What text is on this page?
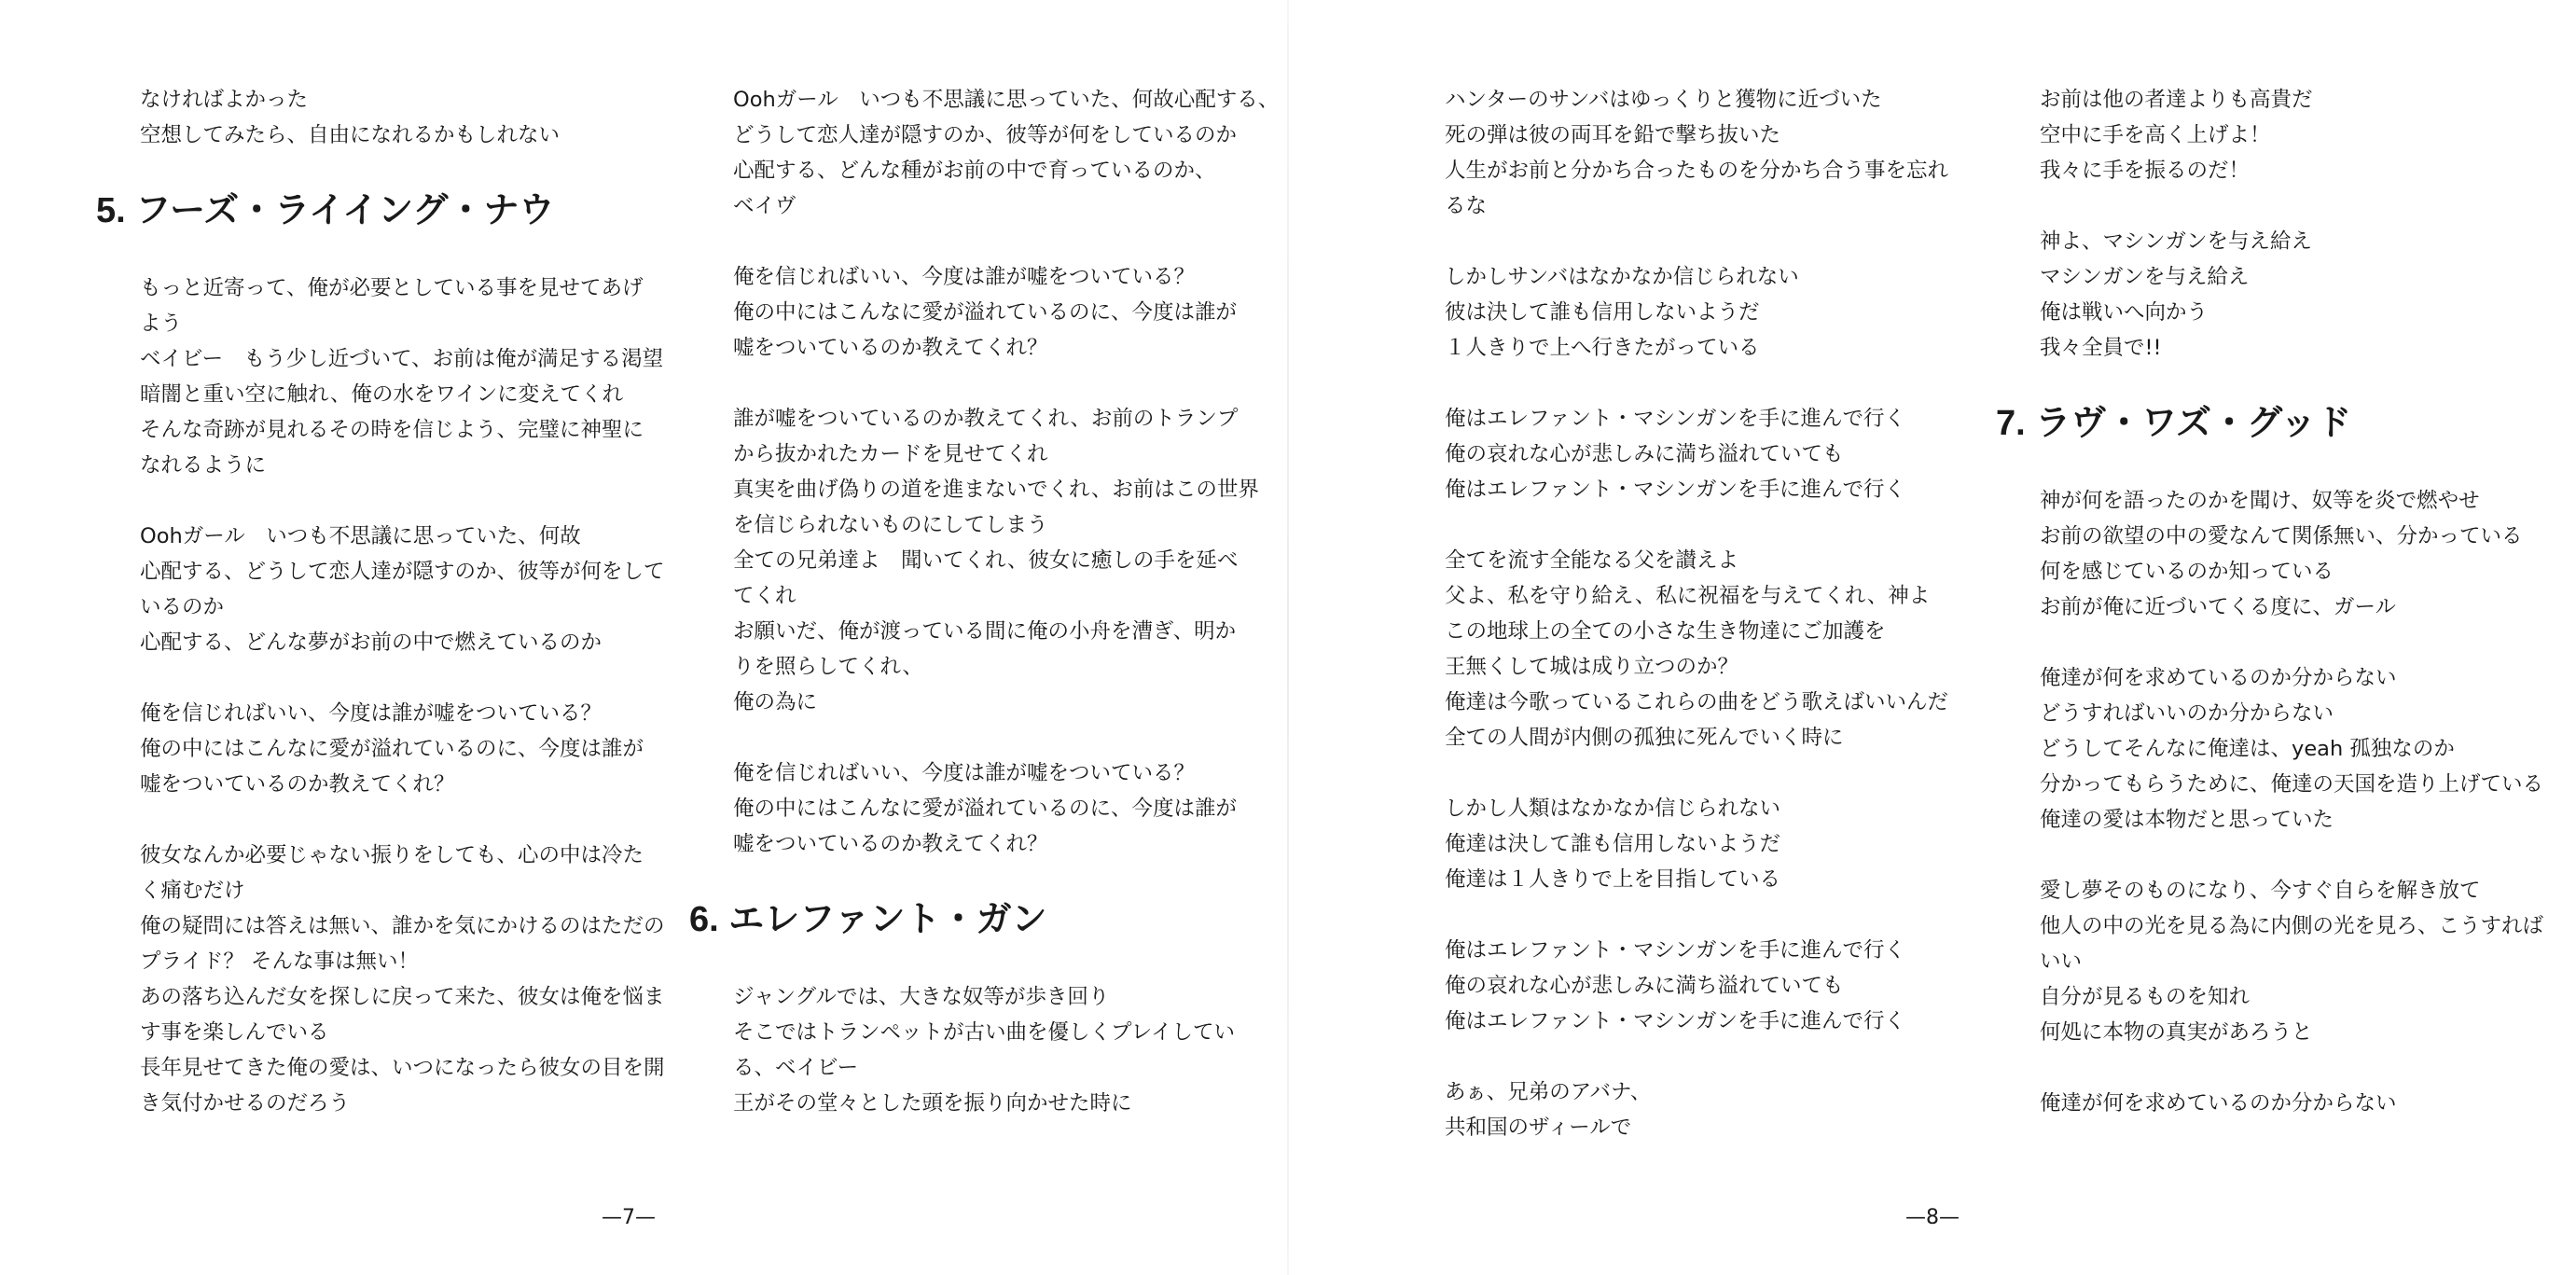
なければよかった
空想してみたら、自由になれるかもしれない
5. フーズ・ライイング・ナウ
もっと近寄って、俺が必要としている事を見せてあげ
よう
ベイビー　もう少し近づいて、お前は俺が満足する渇望
暗闇と重い空に触れ、俺の水をワインに変えてくれ
そんな奇跡が見れるその時を信じよう、完璧に神聖に
なれるように
Oohガール　いつも不思議に思っていた、何故
心配する、どうして恋人達が隠すのか、彼等が何をして
いるのか
心配する、どんな夢がお前の中で燃えているのか
俺を信じればいい、今度は誰が嘘をついている？
俺の中にはこんなに愛が溢れているのに、今度は誰が
嘘をついているのか教えてくれ？
彼女なんか必要じゃない振りをしても、心の中は冷た
く痛むだけ
俺の疑問には答えは無い、誰かを気にかけるのはただの
プライド？ そんな事は無い！
あの落ち込んだ女を探しに戻って来た、彼女は俺を悩ま
す事を楽しんでいる
長年見せてきた俺の愛は、いつになったら彼女の目を開
き気付かせるのだろう
Oohガール　いつも不思議に思っていた、何故心配する、
どうして恋人達が隠すのか、彼等が何をしているのか
心配する、どんな種がお前の中で育っているのか、
ベイヴ
俺を信じればいい、今度は誰が嘘をついている？
俺の中にはこんなに愛が溢れているのに、今度は誰が
嘘をついているのか教えてくれ？
誰が嘘をついているのか教えてくれ、お前のトランプ
から抜かれたカードを見せてくれ
真実を曲げ偽りの道を進まないでくれ、お前はこの世界
を信じられないものにしてしまう
全ての兄弟達よ　聞いてくれ、彼女に癒しの手を延べ
てくれ
お願いだ、俺が渡っている間に俺の小舟を漕ぎ、明か
りを照らしてくれ、
俺の為に
俺を信じればいい、今度は誰が嘘をついている？
俺の中にはこんなに愛が溢れているのに、今度は誰が
嘘をついているのか教えてくれ？
6. エレファント・ガン
ジャングルでは、大きな奴等が歩き回り
そこではトランペットが古い曲を優しくプレイしてい
る、ベイビー
王がその堂々とした頭を振り向かせた時に
ハンターのサンバはゆっくりと獲物に近づいた
死の弾は彼の両耳を鉛で撃ち抜いた
人生がお前と分かち合ったものを分かち合う事を忘れ
るな
しかしサンバはなかなか信じられない
彼は決して誰も信用しないようだ
１人きりで上へ行きたがっている
俺はエレファント・マシンガンを手に進んで行く
俺の哀れな心が悲しみに満ち溢れていても
俺はエレファント・マシンガンを手に進んで行く
全てを流す全能なる父を讃えよ
父よ、私を守り給え、私に祝福を与えてくれ、神よ
この地球上の全ての小さな生き物達にご加護を
王無くして城は成り立つのか？
俺達は今歌っているこれらの曲をどう歌えばいいんだ
全ての人間が内側の孤独に死んでいく時に
しかし人類はなかなか信じられない
俺達は決して誰も信用しないようだ
俺達は１人きりで上を目指している
俺はエレファント・マシンガンを手に進んで行く
俺の哀れな心が悲しみに満ち溢れていても
俺はエレファント・マシンガンを手に進んで行く
あぁ、兄弟のアバナ、
共和国のザィールで
お前は他の者達よりも高貴だ
空中に手を高く上げよ！
我々に手を振るのだ！
神よ、マシンガンを与え給え
マシンガンを与え給え
俺は戦いへ向かう
我々全員で!!
7. ラヴ・ワズ・グッド
神が何を語ったのかを聞け、奴等を炎で燃やせ
お前の欲望の中の愛なんて関係無い、分かっている
何を感じているのか知っている
お前が俺に近づいてくる度に、ガール
俺達が何を求めているのか分からない
どうすればいいのか分からない
どうしてそんなに俺達は、yeah 孤独なのか
分かってもらうために、俺達の天国を造り上げている
俺達の愛は本物だと思っていた
愛し夢そのものになり、今すぐ自らを解き放て
他人の中の光を見る為に内側の光を見ろ、こうすれば
いい
自分が見るものを知れ
何処に本物の真実があろうと
俺達が何を求めているのか分からない
—7—	—8—
